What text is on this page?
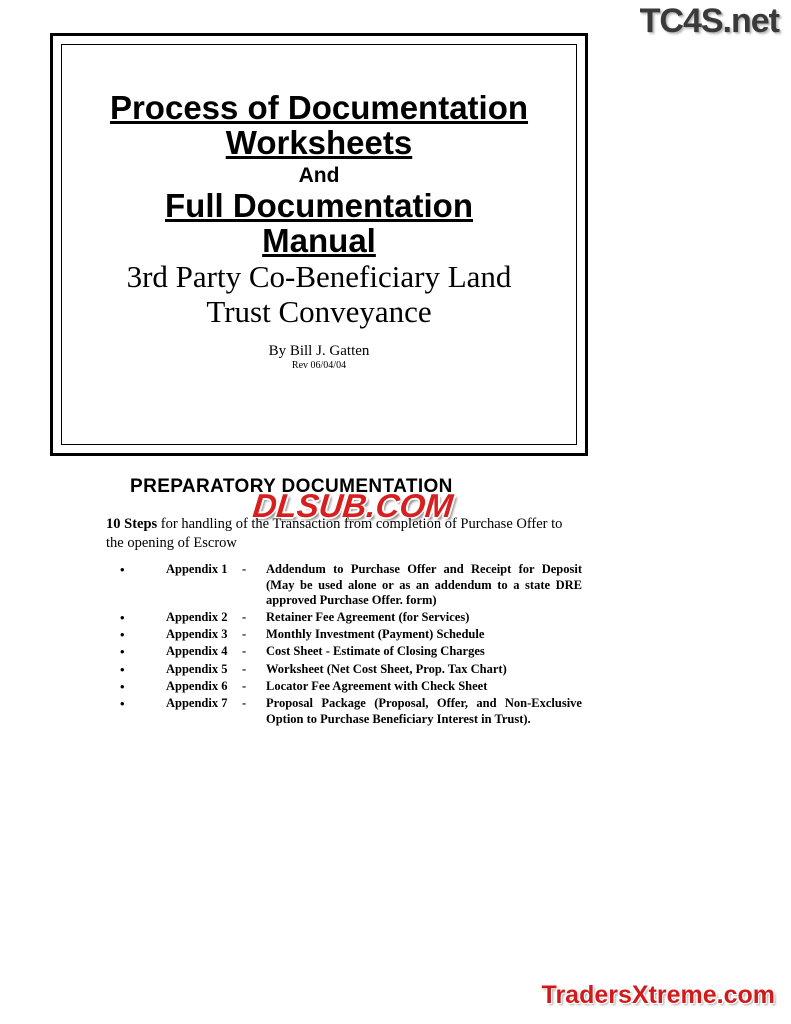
TC4S.net
Process of Documentation
Worksheets
And
Full Documentation
Manual
3rd Party Co-Beneficiary Land
Trust Conveyance
By Bill J. Gatten
Rev 06/04/04
PREPARATORY DOCUMENTATION
DLSUB.COM
10 Steps for handling of the Transaction from completion of Purchase Offer to the opening of Escrow
•	Appendix 1	-	Addendum to Purchase Offer and Receipt for Deposit (May be used alone or as an addendum to a state DRE approved Purchase Offer. form)
•	Appendix 2	-	Retainer Fee Agreement (for Services)
•	Appendix 3	-	Monthly Investment (Payment) Schedule
•	Appendix 4	-	Cost Sheet - Estimate of Closing Charges
•	Appendix 5	-	Worksheet (Net Cost Sheet, Prop. Tax Chart)
•	Appendix 6	-	Locator Fee Agreement with Check Sheet
•	Appendix 7	-	Proposal Package (Proposal, Offer, and Non-Exclusive Option to Purchase Beneficiary Interest in Trust).
TradersXtreme.com
